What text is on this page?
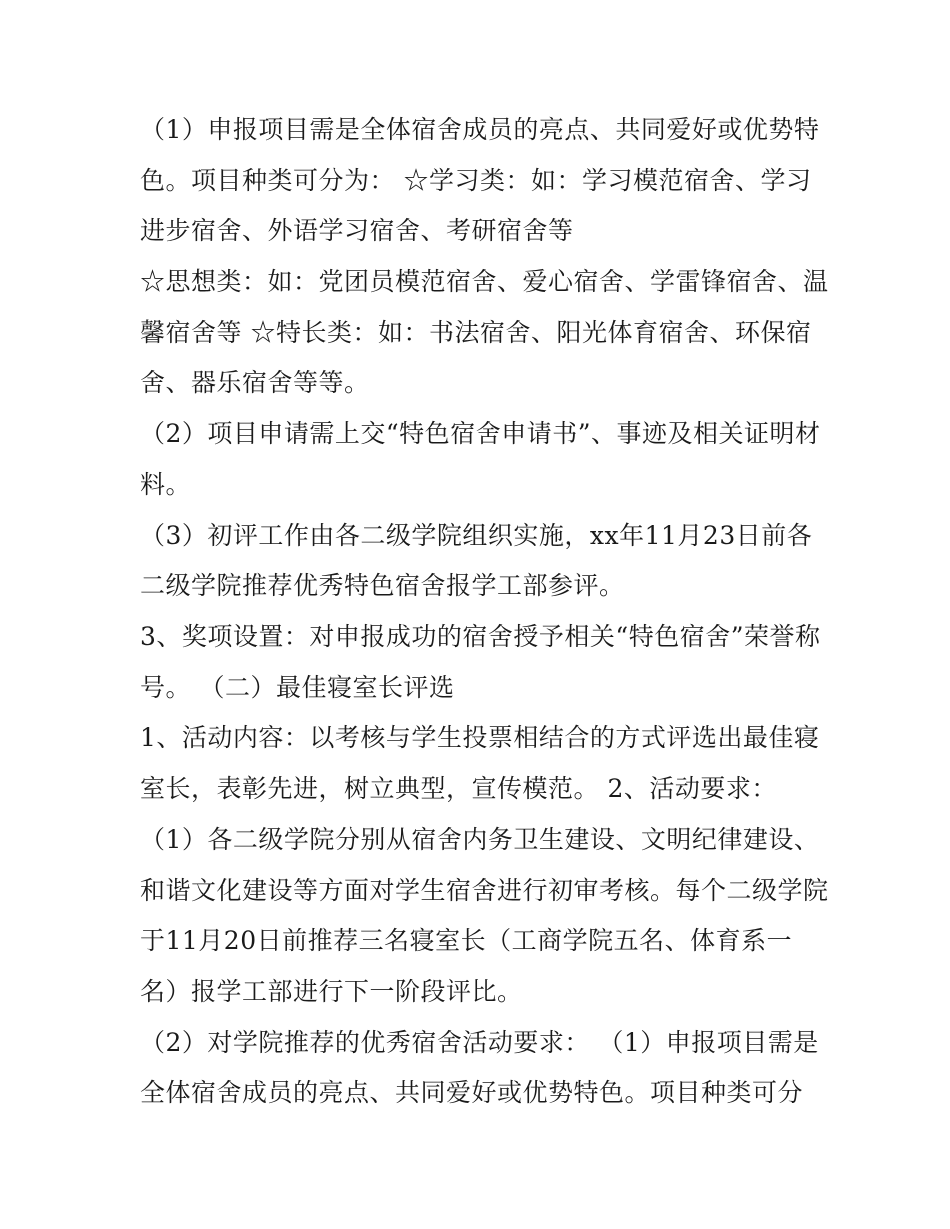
（1）申报项目需是全体宿舍成员的亮点、共同爱好或优势特
色。项目种类可分为： ☆学习类：如：学习模范宿舍、学习
进步宿舍、外语学习宿舍、考研宿舍等
☆思想类：如：党团员模范宿舍、爱心宿舍、学雷锋宿舍、温
馨宿舍等 ☆特长类：如：书法宿舍、阳光体育宿舍、环保宿
舍、器乐宿舍等等。
（2）项目申请需上交“特色宿舍申请书”、事迹及相关证明材
料。
（3）初评工作由各二级学院组织实施，xx年11月23日前各
二级学院推荐优秀特色宿舍报学工部参评。
3、奖项设置：对申报成功的宿舍授予相关“特色宿舍”荣誉称
号。 （二）最佳寝室长评选
1、活动内容：以考核与学生投票相结合的方式评选出最佳寝
室长，表彰先进，树立典型，宣传模范。 2、活动要求：
（1）各二级学院分别从宿舍内务卫生建设、文明纪律建设、
和谐文化建设等方面对学生宿舍进行初审考核。每个二级学院
于11月20日前推荐三名寝室长（工商学院五名、体育系一
名）报学工部进行下一阶段评比。
（2）对学院推荐的优秀宿舍活动要求： （1）申报项目需是
全体宿舍成员的亮点、共同爱好或优势特色。项目种类可分
